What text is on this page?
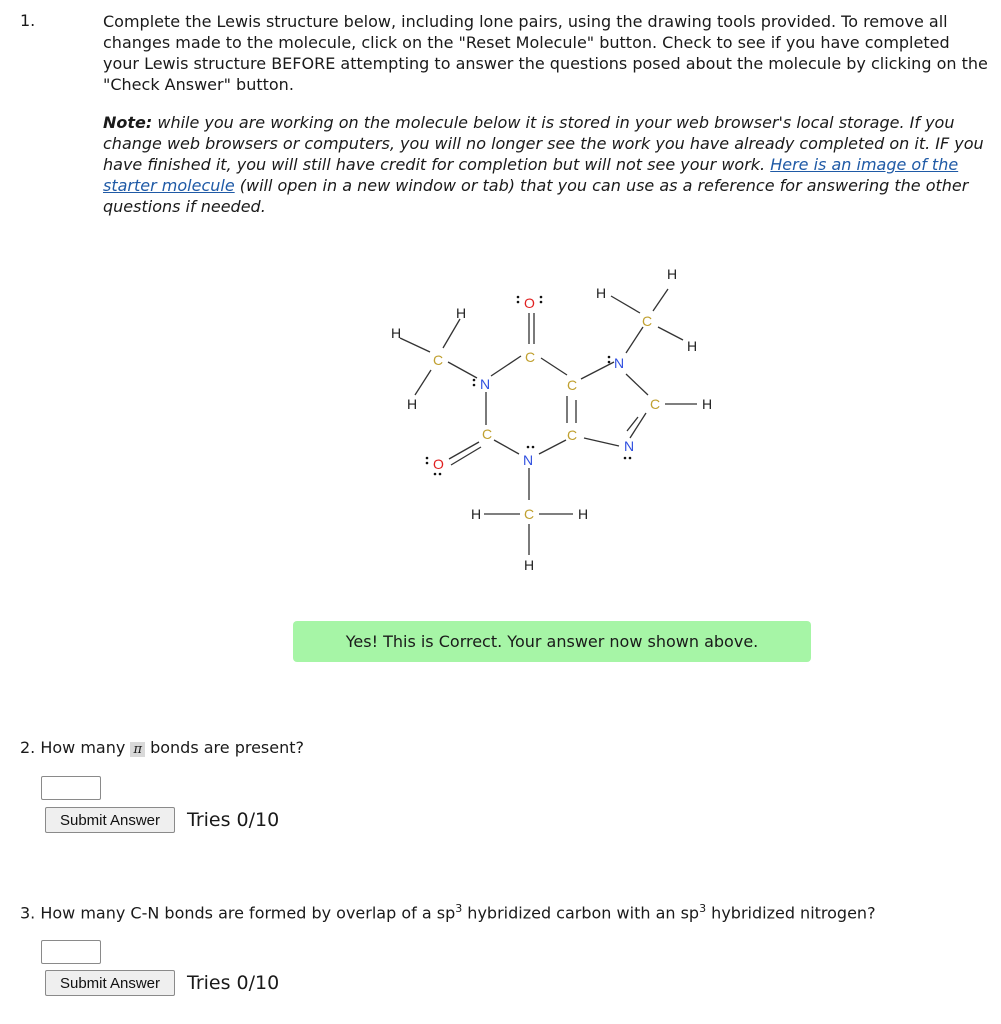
1.	Complete the Lewis structure below, including lone pairs, using the drawing tools provided. To remove all changes made to the molecule, click on the "Reset Molecule" button. Check to see if you have completed your Lewis structure BEFORE attempting to answer the questions posed about the molecule by clicking on the "Check Answer" button.
Note: while you are working on the molecule below it is stored in your web browser's local storage. If you change web browsers or computers, you will no longer see the work you have already completed on it. IF you have finished it, you will still have credit for completion but will not see your work. Here is an image of the starter molecule (will open in a new window or tab) that you can use as a reference for answering the other questions if needed.
H
H
O
H
H
C	C
N
C
N
H
C
C	H
H
C	C
O	N
N
H	C	H
H
Yes! This is Correct. Your answer now shown above.
2. How many π bonds are present?
Submit Answer	Tries 0/10
3. How many C-N bonds are formed by overlap of a $sp^3$ hybridized carbon with an $sp^3$ hybridized nitrogen?
Submit Answer	Tries 0/10
